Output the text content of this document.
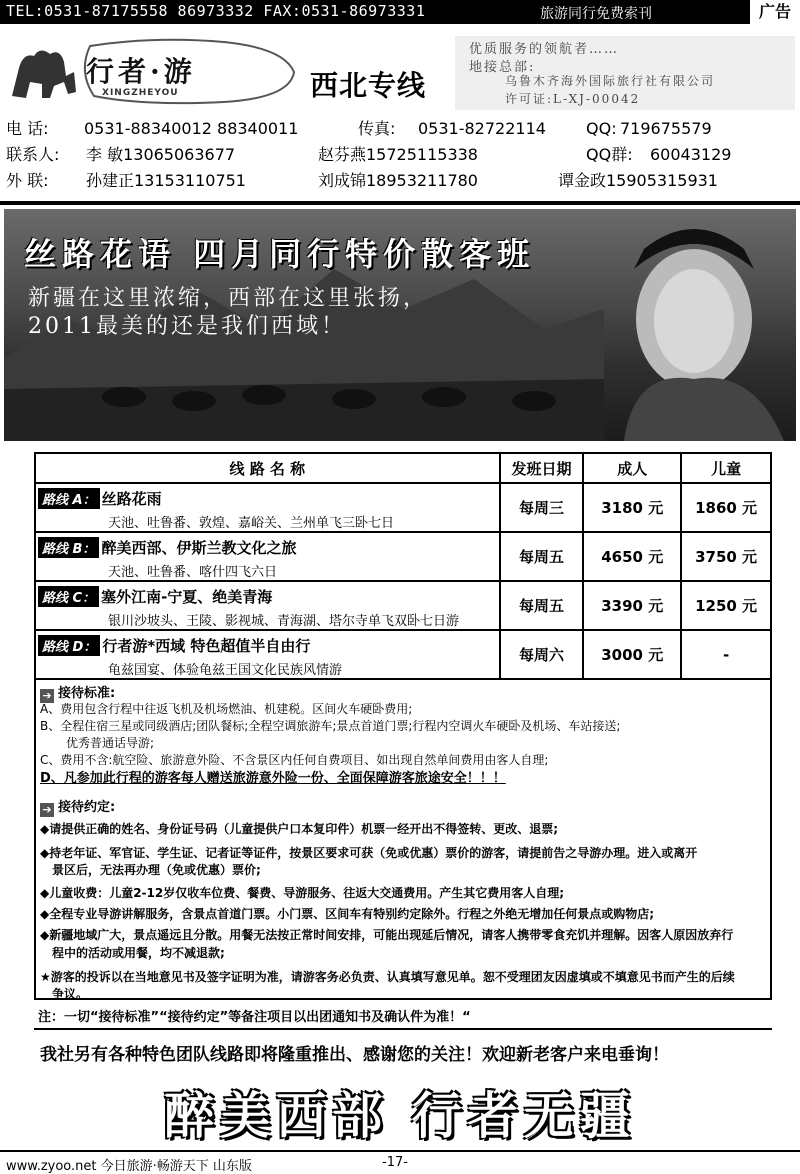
TEL:0531-87175558 86973332 FAX:0531-86973331	旅游同行免费索刊	广告
行者·游
XINGZHEYOU	西北专线
优质服务的领航者……
地接总部:
乌鲁木齐海外国际旅行社有限公司
许可证:L-XJ-00042
电 话: 0531-88340012 88340011	传真: 0531-82722114	QQ: 719675579
联系人: 李 敏13065063677	赵芬燕15725115338	QQ群: 60043129
外 联: 孙建正13153110751	刘成锦18953211780	谭金政15905315931
丝路花语 四月同行特价散客班
新疆在这里浓缩，西部在这里张扬，
2011最美的还是我们西域！
线 路 名 称	发班日期	成人	儿童
路线 A： 丝路花雨
天池、吐鲁番、敦煌、嘉峪关、兰州单飞三卧七日	每周三	3180 元	1860 元
路线 B： 醉美西部、伊斯兰教文化之旅
天池、吐鲁番、喀什四飞六日	每周五	4650 元	3750 元
路线 C： 塞外江南-宁夏、绝美青海
银川沙坡头、王陵、影视城、青海湖、塔尔寺单飞双卧七日游	每周五	3390 元	1250 元
路线 D： 行者游*西域 特色超值半自由行
龟兹国宴、体验龟兹王国文化民族风情游	每周六	3000 元	-
➔ 接待标准:
A、费用包含行程中往返飞机及机场燃油、机建税。区间火车硬卧费用;
B、全程住宿三星或同级酒店;团队餐标;全程空调旅游车;景点首道门票;行程内空调火车硬卧及机场、车站接送;
优秀普通话导游;
C、费用不含:航空险、旅游意外险、不含景区内任何自费项目、如出现自然单间费用由客人自理;
D、凡参加此行程的游客每人赠送旅游意外险一份、全面保障游客旅途安全！！！
➔ 接待约定:
◆请提供正确的姓名、身份证号码（儿童提供户口本复印件）机票一经开出不得签转、更改、退票;
◆持老年证、军官证、学生证、记者证等证件，按景区要求可获（免或优惠）票价的游客，请提前告之导游办理。进入或离开
景区后，无法再办理（免或优惠）票价;
◆儿童收费：儿童2-12岁仅收车位费、餐费、导游服务、往返大交通费用。产生其它费用客人自理;
◆全程专业导游讲解服务，含景点首道门票。小门票、区间车有特别约定除外。行程之外绝无增加任何景点或购物店;
◆新疆地域广大，景点遥远且分散。用餐无法按正常时间安排，可能出现延后情况，请客人携带零食充饥并理解。因客人原因放弃行
程中的活动或用餐，均不减退款;
★游客的投诉以在当地意见书及签字证明为准，请游客务必负责、认真填写意见单。恕不受理团友因虚填或不填意见书而产生的后续
争议。
注：一切“接待标准”“接待约定”等备注项目以出团通知书及确认件为准！“
我社另有各种特色团队线路即将隆重推出、感谢您的关注！欢迎新老客户来电垂询！
醉美西部 行者无疆
www.zyoo.net 今日旅游·畅游天下 山东版	-17-
